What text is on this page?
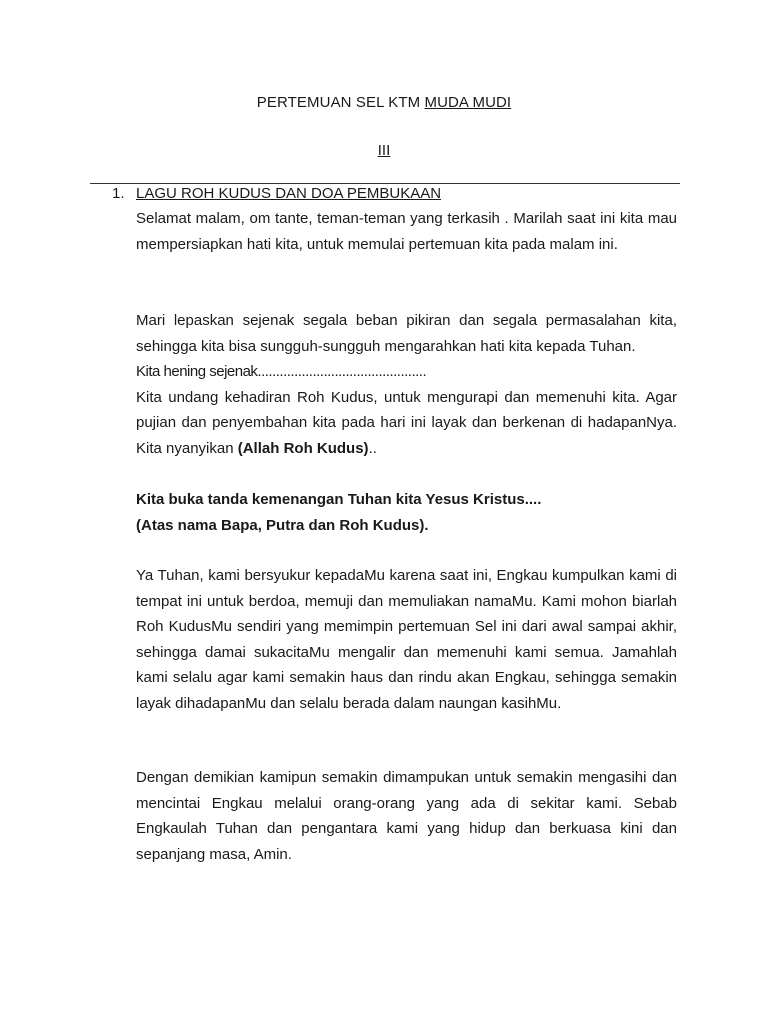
PERTEMUAN SEL KTM MUDA MUDI
III
1. LAGU ROH KUDUS DAN DOA PEMBUKAAN

Selamat malam, om tante, teman-teman yang terkasih . Marilah saat ini kita mau mempersiapkan hati kita, untuk memulai pertemuan kita pada malam ini.

Mari lepaskan sejenak segala beban pikiran dan segala permasalahan kita, sehingga kita bisa sungguh-sungguh mengarahkan hati kita kepada Tuhan.

Kita hening sejenak..............................................

Kita undang kehadiran Roh Kudus, untuk mengurapi dan memenuhi kita. Agar pujian dan penyembahan kita pada hari ini layak dan berkenan di hadapanNya. Kita nyanyikan (Allah Roh Kudus)..

Kita buka tanda kemenangan Tuhan kita Yesus Kristus....

(Atas nama Bapa, Putra dan Roh Kudus).

Ya Tuhan, kami bersyukur kepadaMu karena saat ini, Engkau kumpulkan kami di tempat ini untuk berdoa, memuji dan memuliakan namaMu. Kami mohon biarlah Roh KudusMu sendiri yang memimpin pertemuan Sel ini dari awal sampai akhir, sehingga damai sukacitaMu mengalir dan memenuhi kami semua. Jamahlah kami selalu agar kami semakin haus dan rindu akan Engkau, sehingga semakin layak dihadapanMu dan selalu berada dalam naungan kasihMu.

Dengan demikian kamipun semakin dimampukan untuk semakin mengasihi dan mencintai Engkau melalui orang-orang yang ada di sekitar kami. Sebab Engkaulah Tuhan dan pengantara kami yang hidup dan berkuasa kini dan sepanjang masa, Amin.
